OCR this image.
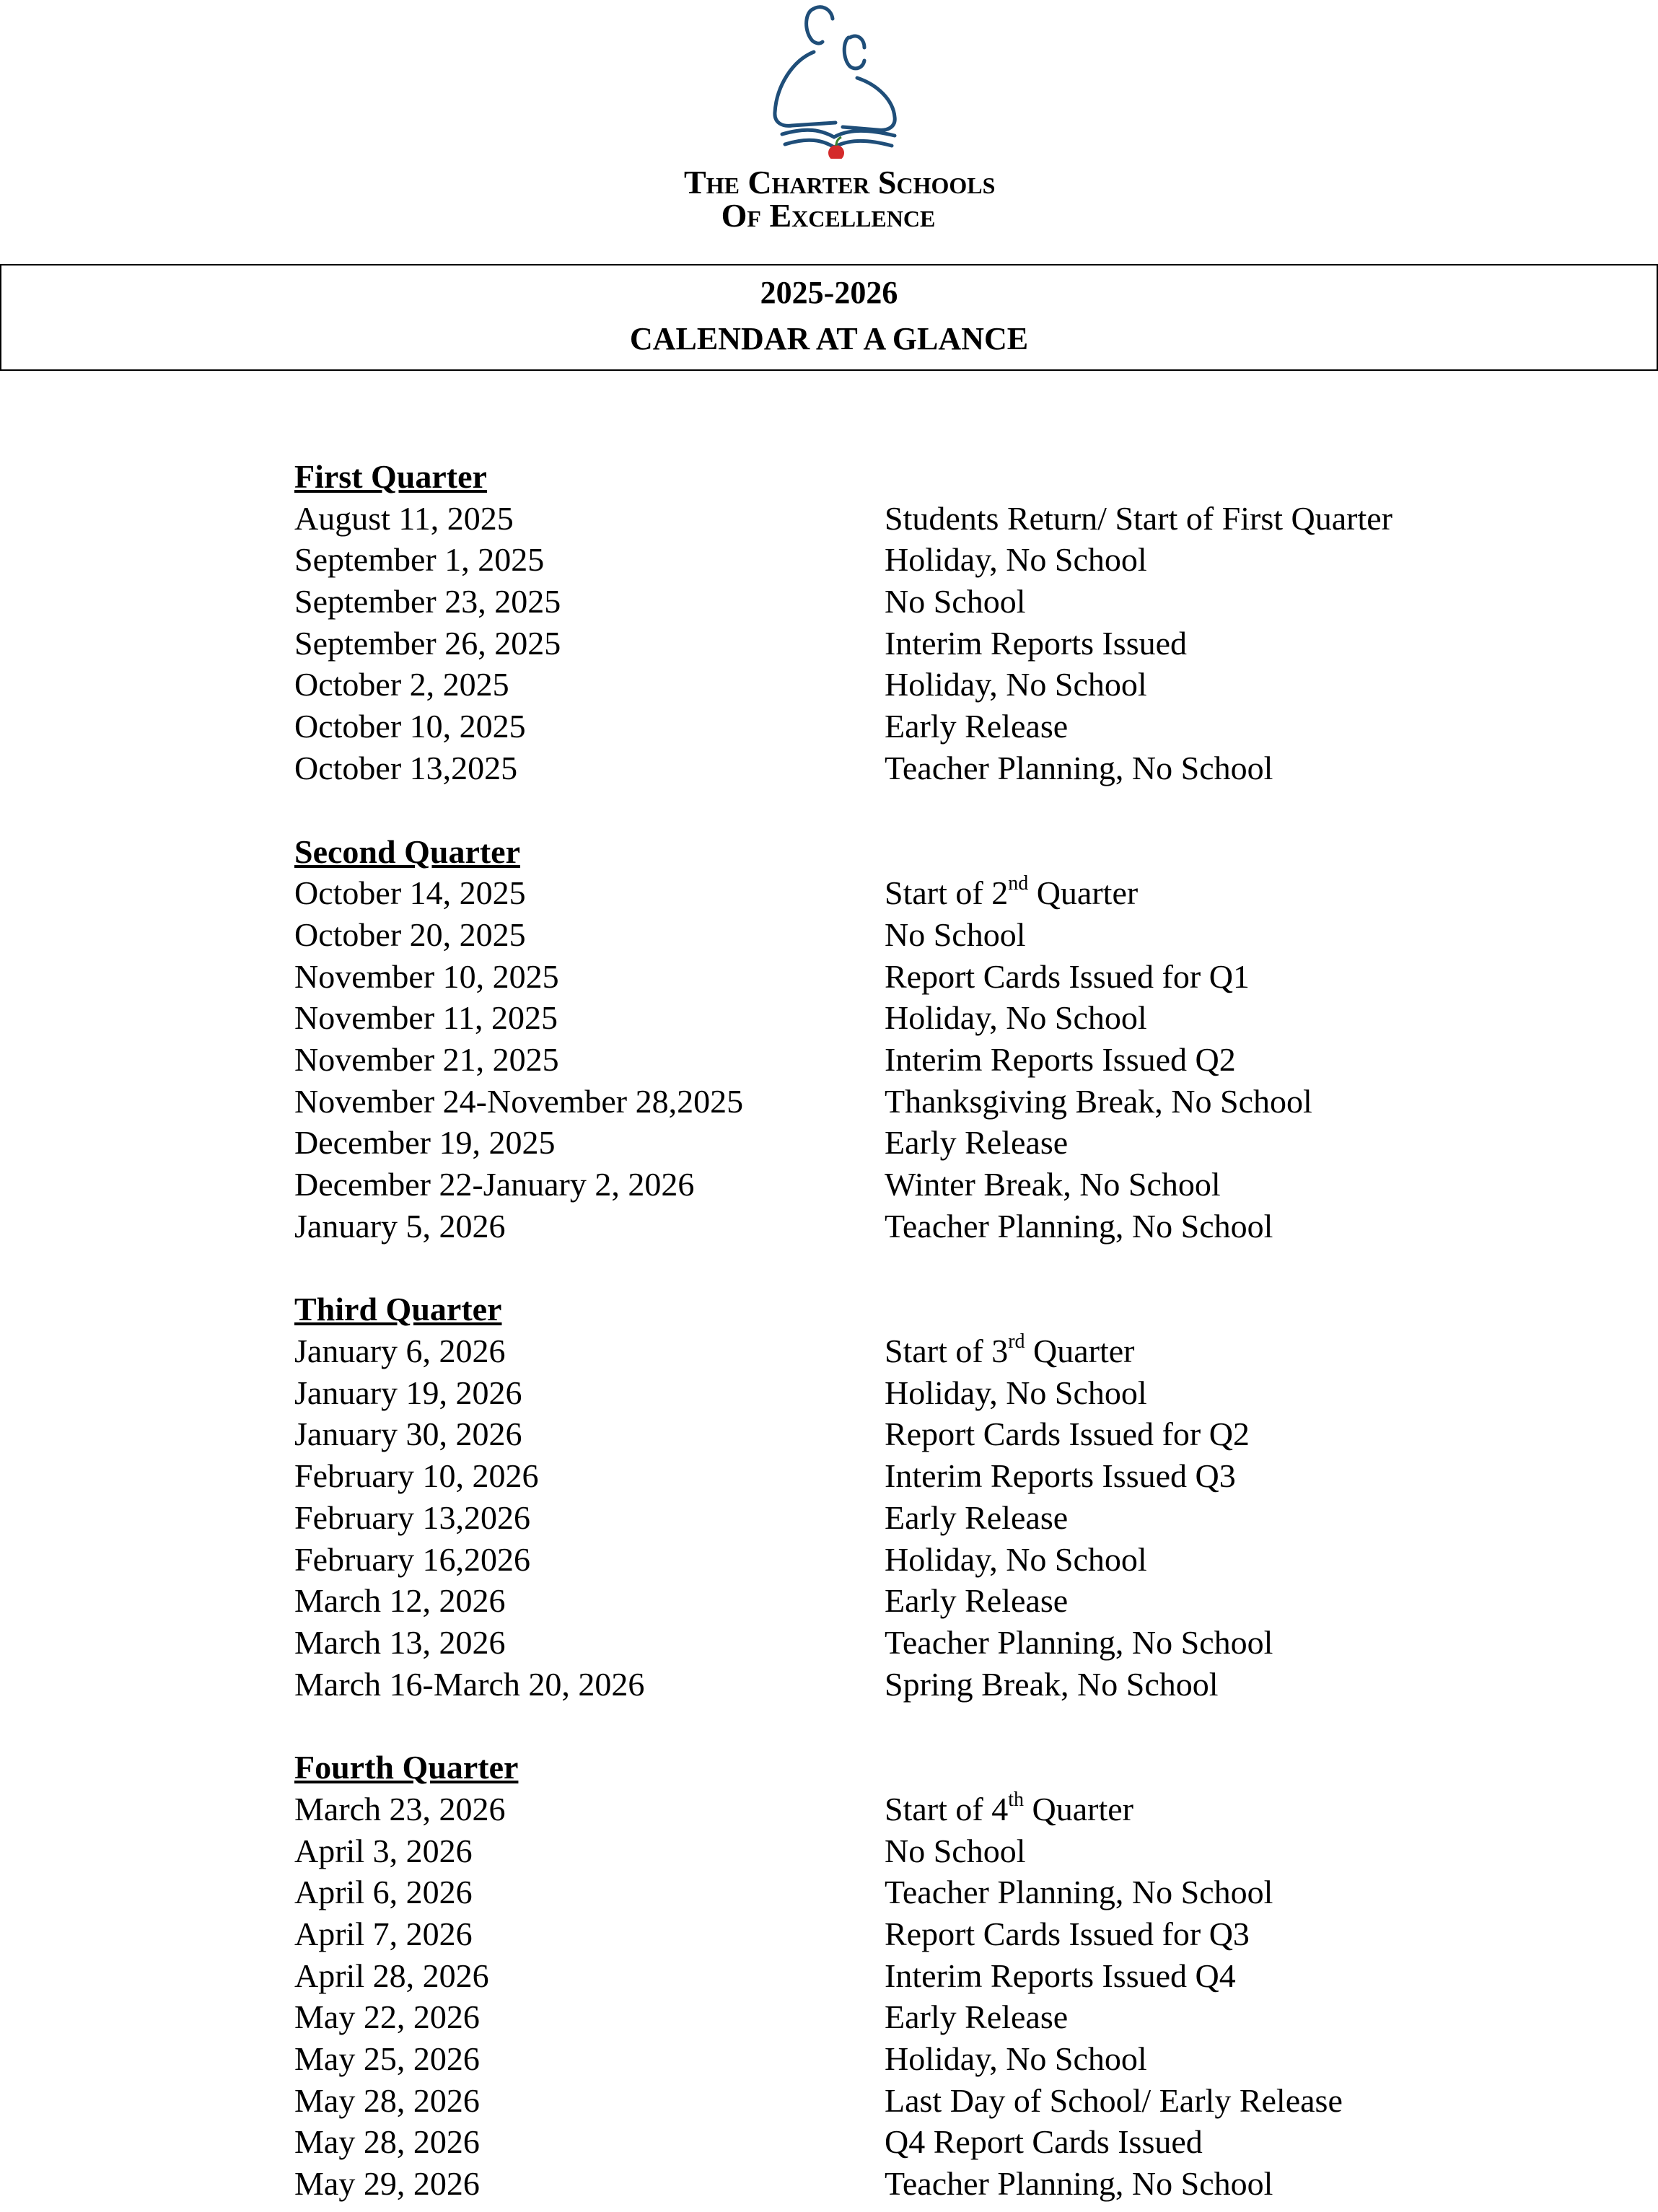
The Charter Schools
Of Excellence
2025-2026
CALENDAR AT A GLANCE
First Quarter
August 11, 2025	Students Return/ Start of First Quarter
September 1, 2025	Holiday, No School
September 23, 2025	No School
September 26, 2025	Interim Reports Issued
October 2, 2025	Holiday, No School
October 10, 2025	Early Release
October 13,2025	Teacher Planning, No School
Second Quarter
October 14, 2025	Start of 2nd Quarter
October 20, 2025	No School
November 10, 2025	Report Cards Issued for Q1
November 11, 2025	Holiday, No School
November 21, 2025	Interim Reports Issued Q2
November 24-November 28,2025	Thanksgiving Break, No School
December 19, 2025	Early Release
December 22-January 2, 2026	Winter Break, No School
January 5, 2026	Teacher Planning, No School
Third Quarter
January 6, 2026	Start of 3rd Quarter
January 19, 2026	Holiday, No School
January 30, 2026	Report Cards Issued for Q2
February 10, 2026	Interim Reports Issued Q3
February 13,2026	Early Release
February 16,2026	Holiday, No School
March 12, 2026	Early Release
March 13, 2026	Teacher Planning, No School
March 16-March 20, 2026	Spring Break, No School
Fourth Quarter
March 23, 2026	Start of 4th Quarter
April 3, 2026	No School
April 6, 2026	Teacher Planning, No School
April 7, 2026	Report Cards Issued for Q3
April 28, 2026	Interim Reports Issued Q4
May 22, 2026	Early Release
May 25, 2026	Holiday, No School
May 28, 2026	Last Day of School/ Early Release
May 28, 2026	Q4 Report Cards Issued
May 29, 2026	Teacher Planning, No School
